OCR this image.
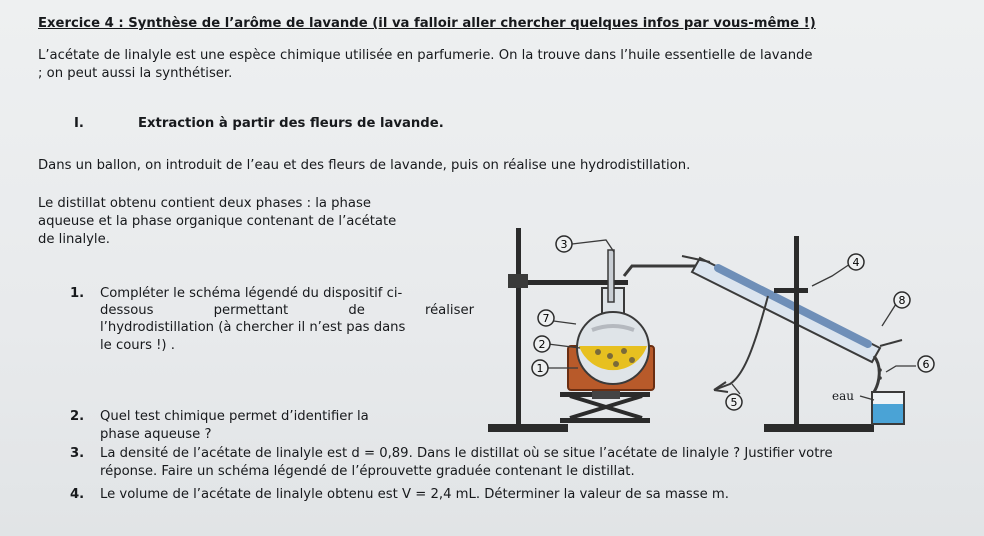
Exercice 4 : Synthèse de l’arôme de lavande (il va falloir aller chercher quelques infos par vous-même !)
L’acétate de linalyle est une espèce chimique utilisée en parfumerie. On la trouve dans l’huile essentielle de lavande
; on peut aussi la synthétiser.
I.	Extraction à partir des fleurs de lavande.
Dans un ballon, on introduit de l’eau et des fleurs de lavande, puis on réalise une hydrodistillation.
Le distillat obtenu contient deux phases : la phase
aqueuse et la phase organique contenant de l’acétate
de linalyle.
1. Compléter le schéma légendé du dispositif ci-
dessous	permettant	de	réaliser
l’hydrodistillation (à chercher il n’est pas dans
le cours !) .
2. Quel test chimique permet d’identifier la
phase aqueuse ?
3. La densité de l’acétate de linalyle est d = 0,89. Dans le distillat où se situe l’acétate de linalyle ? Justifier votre
réponse. Faire un schéma légendé de l’éprouvette graduée contenant le distillat.
4. Le volume de l’acétate de linalyle obtenu est V = 2,4 mL. Déterminer la valeur de sa masse m.
1
2
3
4
5
6
7
8
eau
